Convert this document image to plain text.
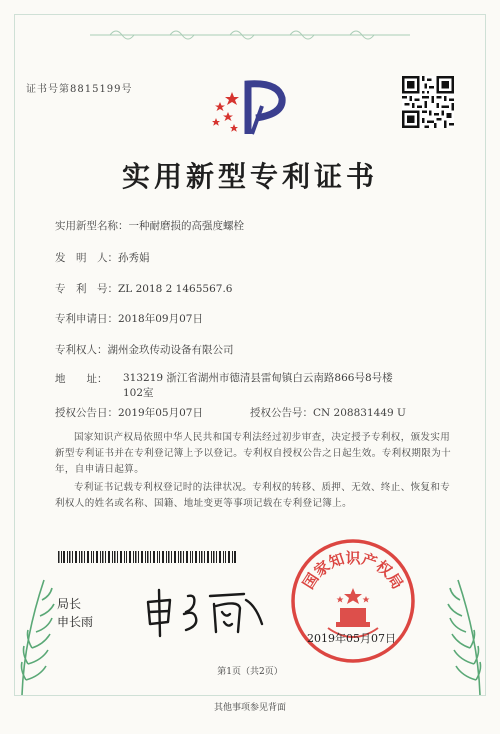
证书号第8815199号
实用新型专利证书
实用新型名称：一种耐磨损的高强度螺栓
发　明　人：孙秀娟
专　利　号：ZL 2018 2 1465567.6
专利申请日：2018年09月07日
专利权人：湖州金玖传动设备有限公司
地　　址： 313219 浙江省湖州市德清县雷甸镇白云南路866号8号楼102室
授权公告日：2019年05月07日	授权公告号：CN 208831449 U
国家知识产权局依照中华人民共和国专利法经过初步审查，决定授予专利权，颁发实用新型专利证书并在专利登记簿上予以登记。专利权自授权公告之日起生效。专利权期限为十年，自申请日起算。
专利证书记载专利权登记时的法律状况。专利权的转移、质押、无效、终止、恢复和专利权人的姓名或名称、国籍、地址变更等事项记载在专利登记簿上。
局长
申长雨
国家知识产权局
2019年05月07日
第1页（共2页）
其他事项参见背面
